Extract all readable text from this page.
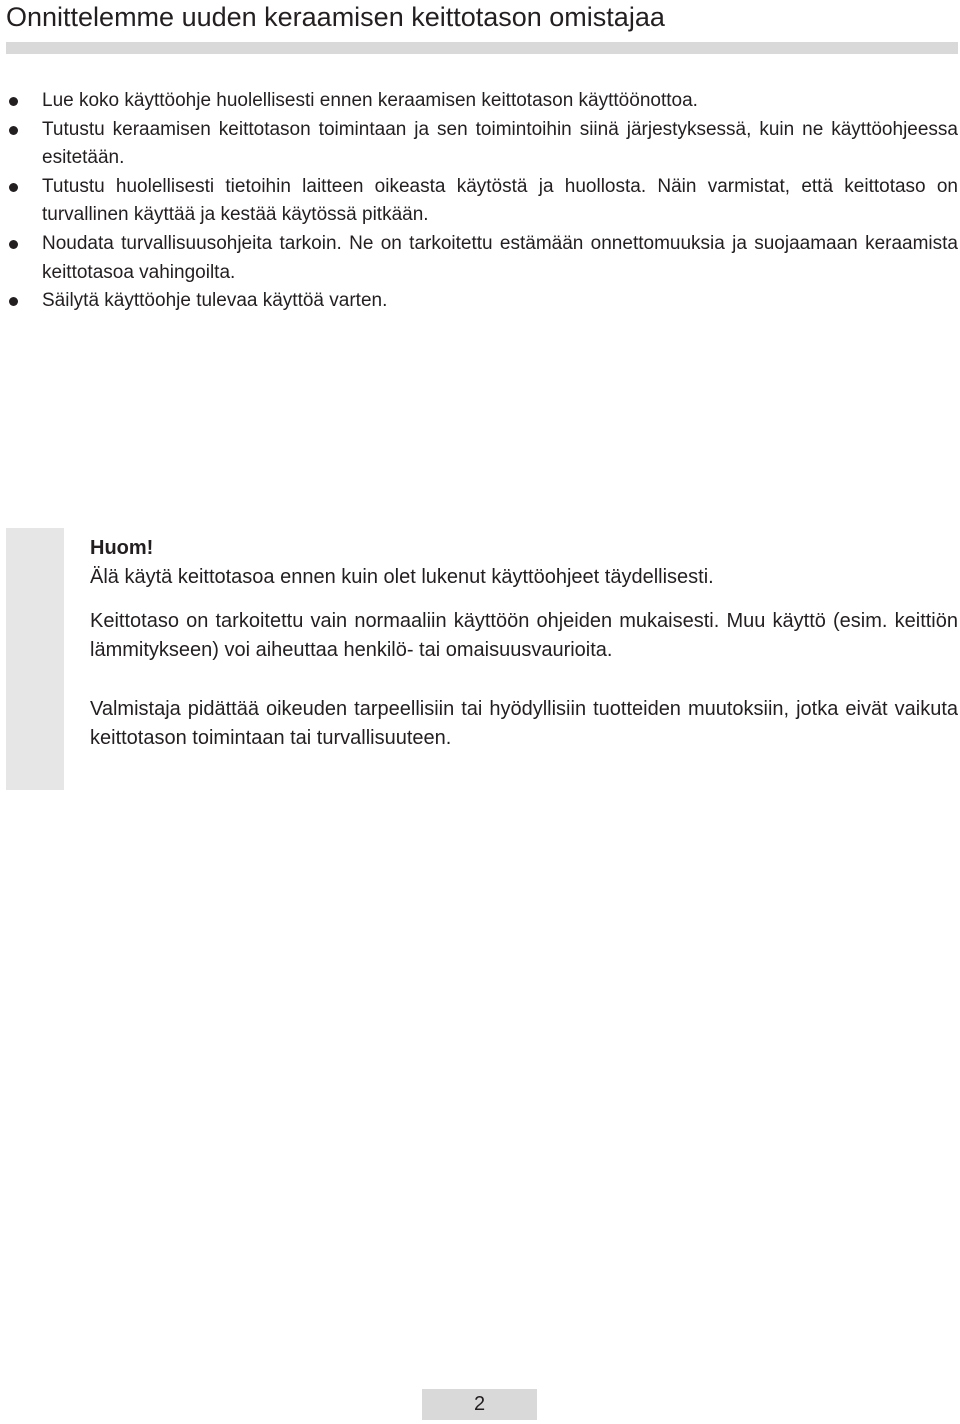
Onnittelemme uuden keraamisen keittotason omistajaa
Lue koko käyttöohje huolellisesti ennen keraamisen keittotason käyttöönottoa.
Tutustu keraamisen keittotason toimintaan ja sen toimintoihin siinä järjestyksessä, kuin ne käyttöohjeessa esitetään.
Tutustu huolellisesti tietoihin laitteen oikeasta käytöstä ja huollosta. Näin varmistat, että keittotaso on turvallinen käyttää ja kestää käytössä pitkään.
Noudata turvallisuusohjeita tarkoin. Ne on tarkoitettu estämään onnettomuuksia ja suojaamaan keraamista keittotasoa vahingoilta.
Säilytä käyttöohje tulevaa käyttöä varten.

Huom!

Älä käytä keittotasoa ennen kuin olet lukenut käyttöohjeet täydellisesti.

Keittotaso on tarkoitettu vain normaaliin käyttöön ohjeiden mukaisesti. Muu käyttö (esim. keittiön lämmitykseen) voi aiheuttaa henkilö- tai omaisuusvaurioita.

Valmistaja pidättää oikeuden tarpeellisiin tai hyödyllisiin tuotteiden muutoksiin, jotka eivät vaikuta keittotason toimintaan tai turvallisuuteen.

2
